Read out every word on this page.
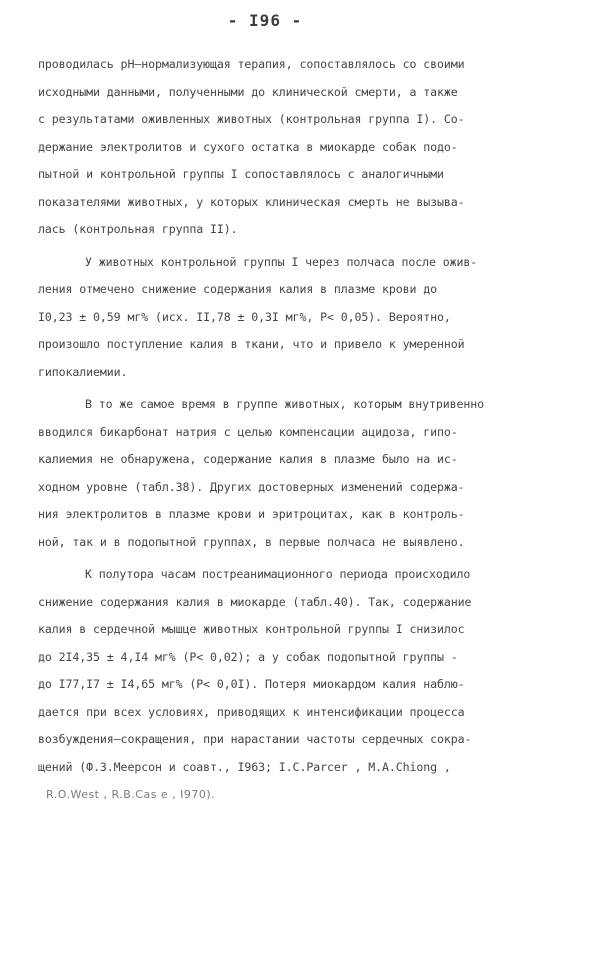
- I96 -
проводилась pH–нормализующая терапия, сопоставлялось со своими
исходными данными, полученными до клинической смерти, а также
с результатами оживленных животных (контрольная группа I). Со-
держание электролитов и сухого остатка в миокарде собак подо-
пытной и контрольной группы I сопоставлялось с аналогичными
показателями животных, у которых клиническая смерть не вызыва-
лась (контрольная группа II).
У животных контрольной группы I через полчаса после ожив-
ления отмечено снижение содержания калия в плазме крови до
I0,23 ± 0,59 мг% (исх. II,78 ± 0,3I мг%, P< 0,05). Вероятно,
произошло поступление калия в ткани, что и привело к умеренной
гипокалиемии.
В то же самое время в группе животных, которым внутривенно
вводился бикарбонат натрия с целью компенсации ацидоза, гипо-
калиемия не обнаружена, содержание калия в плазме было на ис-
ходном уровне (табл.38). Других достоверных изменений содержа-
ния электролитов в плазме крови и эритроцитах, как в контроль-
ной, так и в подопытной группах, в первые полчаса не выявлено.
К полутора часам постреанимационного периода происходило
снижение содержания калия в миокарде (табл.40). Так, содержание
калия в сердечной мышце животных контрольной группы I снизилос
до 2I4,35 ± 4,I4 мг% (P< 0,02); а у собак подопытной группы -
до I77,I7 ± I4,65 мг% (P< 0,0I). Потеря миокардом калия наблю-
дается при всех условиях, приводящих к интенсификации процесса
возбуждения–сокращения, при нарастании частоты сердечных сокра-
щений (Ф.З.Меерсон и соавт., I963; I.C.Parcer , M.A.Chiong ,
R.O.West , R.B.Cas e , I970).
